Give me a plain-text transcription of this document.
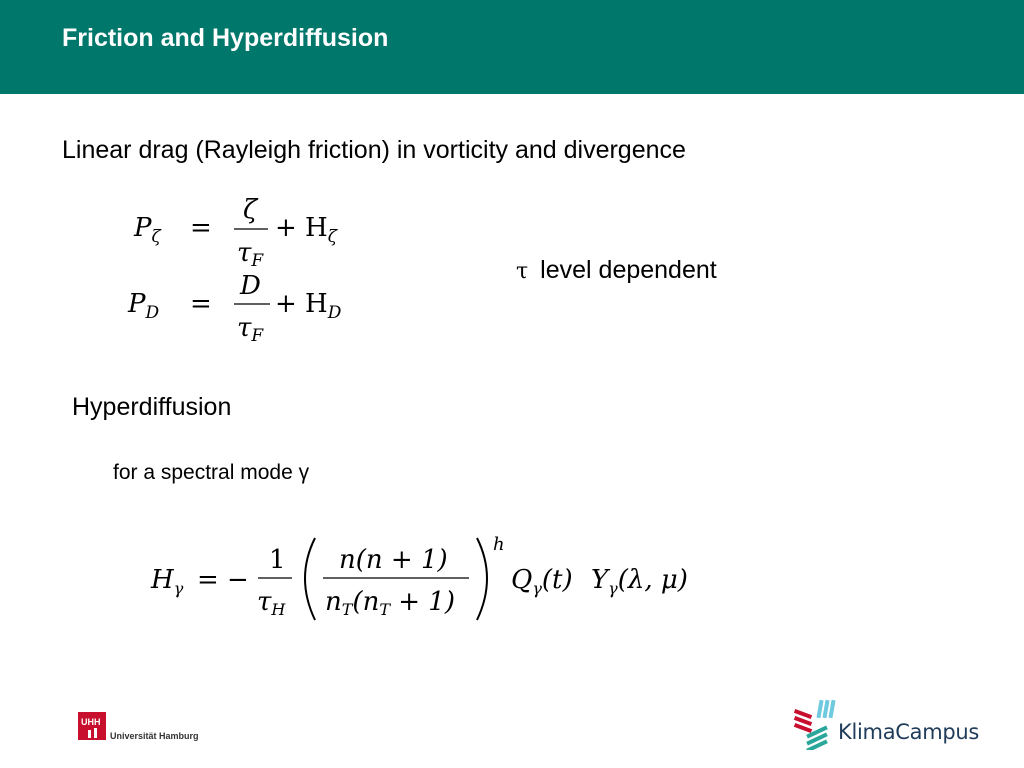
Friction and Hyperdiffusion
Linear drag (Rayleigh friction) in vorticity and divergence
$P_\zeta$ =
ζ
τF
+ $H_\zeta$
$P_D$ =
D
τF
+ $H_D$
τ level dependent
Hyperdiffusion
for a spectral mode γ
$H_\gamma$ = −
1
τH
n(n + 1)
nT(nT + 1)
h
$Q_\gamma(t)$ $Y_\gamma(\lambda$, μ)
UHH
Universität Hamburg	KlimaCampus
